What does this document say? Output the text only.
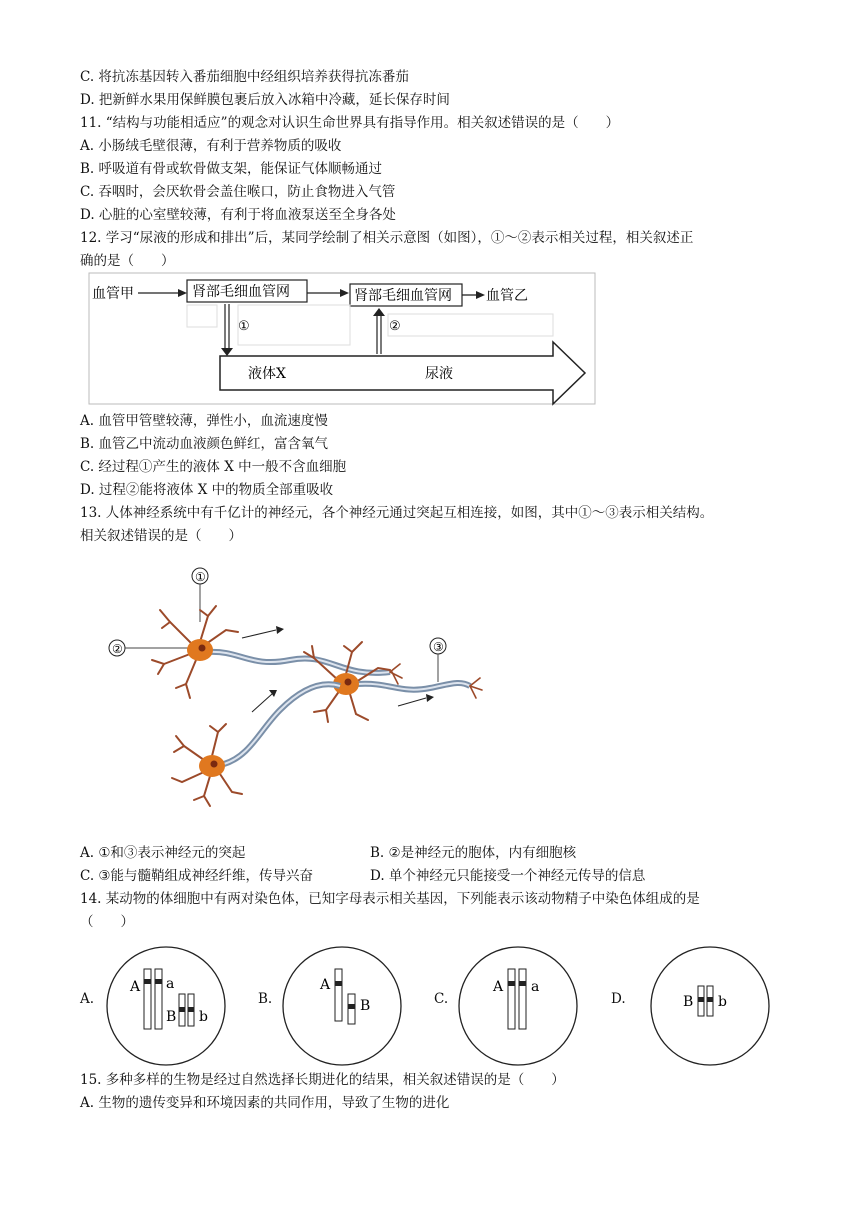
C. 将抗冻基因转入番茄细胞中经组织培养获得抗冻番茄
D. 把新鲜水果用保鲜膜包裹后放入冰箱中冷藏，延长保存时间
11. “结构与功能相适应”的观念对认识生命世界具有指导作用。相关叙述错误的是（　　）
A. 小肠绒毛壁很薄，有利于营养物质的吸收
B. 呼吸道有骨或软骨做支架，能保证气体顺畅通过
C. 吞咽时，会厌软骨会盖住喉口，防止食物进入气管
D. 心脏的心室壁较薄，有利于将血液泵送至全身各处
12. 学习“尿液的形成和排出”后，某同学绘制了相关示意图（如图），①～②表示相关过程，相关叙述正
确的是（　　）
血管甲	肾部毛细血管网	肾部毛细血管网 血管乙
①	②
液体X	尿液
A. 血管甲管壁较薄，弹性小，血流速度慢
B. 血管乙中流动血液颜色鲜红，富含氧气
C. 经过程①产生的液体 X 中一般不含血细胞
D. 过程②能将液体 X 中的物质全部重吸收
13. 人体神经系统中有千亿计的神经元，各个神经元通过突起互相连接，如图，其中①～③表示相关结构。
相关叙述错误的是（　　）
①
②	③
A. ①和③表示神经元的突起	B. ②是神经元的胞体，内有细胞核
C. ③能与髓鞘组成神经纤维，传导兴奋	D. 单个神经元只能接受一个神经元传导的信息
14. 某动物的体细胞中有两对染色体，已知字母表示相关基因，下列能表示该动物精子中染色体组成的是
（　　）
A.	B.	C.	D.
A a
B b
A
B
A a
B b
15. 多种多样的生物是经过自然选择长期进化的结果，相关叙述错误的是（　　）
A. 生物的遗传变异和环境因素的共同作用，导致了生物的进化
